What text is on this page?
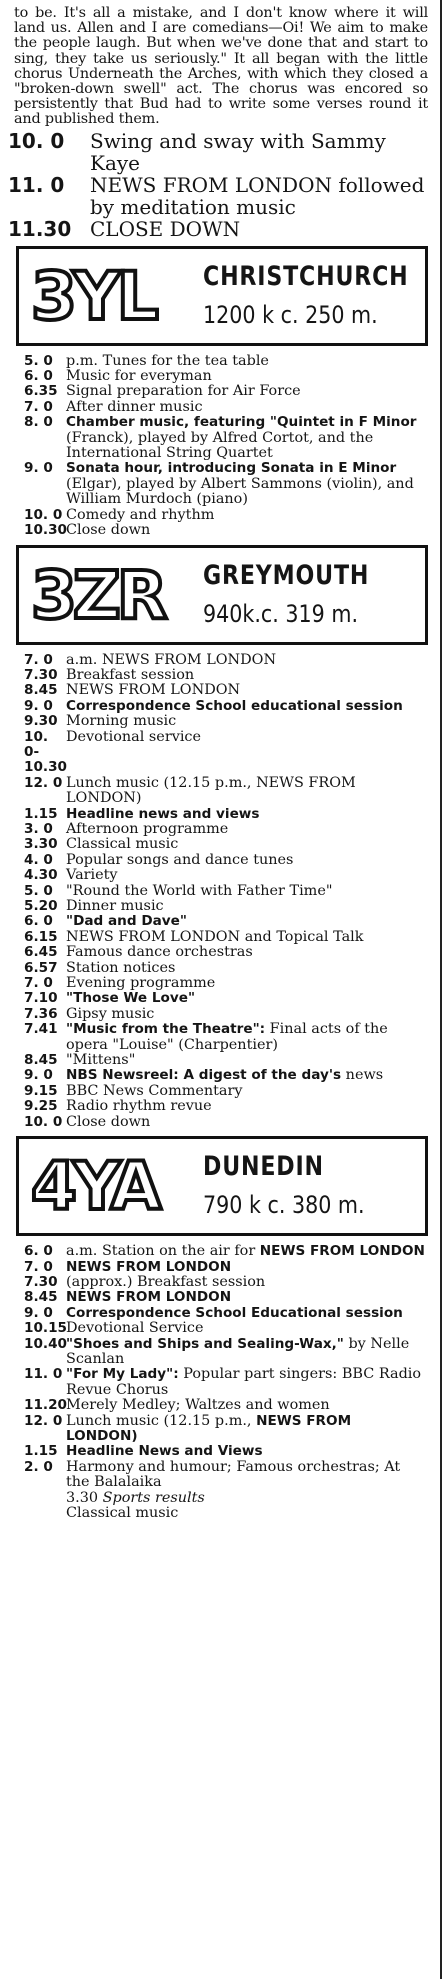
to be. It's all a mistake, and I don't know where it will land us. Allen and I are comedians—Oi! We aim to make the people laugh. But when we've done that and start to sing, they take us seriously." It all began with the little chorus Underneath the Arches, with which they closed a "broken-down swell" act. The chorus was encored so persistently that Bud had to write some verses round it and published them.

10. 0	Swing and sway with Sammy Kaye
11. 0	NEWS FROM LONDON followed by meditation music
11.30 CLOSE DOWN
3YL CHRISTCHURCH
1200 k c. 250 m.
5. 0 p.m. Tunes for the tea table
6. 0 Music for everyman
6.35 Signal preparation for Air Force
7. 0 After dinner music
8. 0 Chamber music, featuring "Quintet in F Minor (Franck), played by Alfred Cortot, and the International String Quartet
9. 0 Sonata hour, introducing Sonata in E Minor (Elgar), played by Albert Sammons (violin), and William Murdoch (piano)
10. 0 Comedy and rhythm
10.30 Close down
3ZR GREYMOUTH
940k.c. 319 m.
7. 0 a.m. NEWS FROM LONDON
7.30 Breakfast session
8.45 NEWS FROM LONDON
9. 0 Correspondence School educational session
9.30 Morning music
10. 0-10.30
Devotional service
12. 0 Lunch music (12.15 p.m., NEWS FROM LONDON)
1.15 Headline news and views
3. 0 Afternoon programme
3.30 Classical music
4. 0 Popular songs and dance tunes
4.30 Variety
5. 0 "Round the World with Father Time"
5.20 Dinner music
6. 0 "Dad and Dave"
6.15 NEWS FROM LONDON and Topical Talk
6.45 Famous dance orchestras
6.57 Station notices
7. 0 Evening programme
7.10 "Those We Love"
7.36 Gipsy music
7.41 "Music from the Theatre": Final acts of the opera "Louise" (Charpentier)
8.45 "Mittens"
9. 0 NBS Newsreel: A digest of the day's news
9.15 BBC News Commentary
9.25 Radio rhythm revue
10. 0 Close down
4YA DUNEDIN
790 k c. 380 m.
6. 0 a.m. Station on the air for NEWS FROM LONDON
7. 0 NEWS FROM LONDON
7.30 (approx.) Breakfast session
8.45 NEWS FROM LONDON
9. 0 Correspondence School Educational session
10.15 Devotional Service
10.40 "Shoes and Ships and Sealing-Wax," by Nelle Scanlan
11. 0 "For My Lady": Popular part singers: BBC Radio Revue Chorus
11.20 Merely Medley; Waltzes and women
12. 0 Lunch music (12.15 p.m., NEWS FROM LONDON)
1.15 Headline News and Views
2. 0 Harmony and humour; Famous orchestras; At the Balalaika
3.30 Sports results
Classical music
